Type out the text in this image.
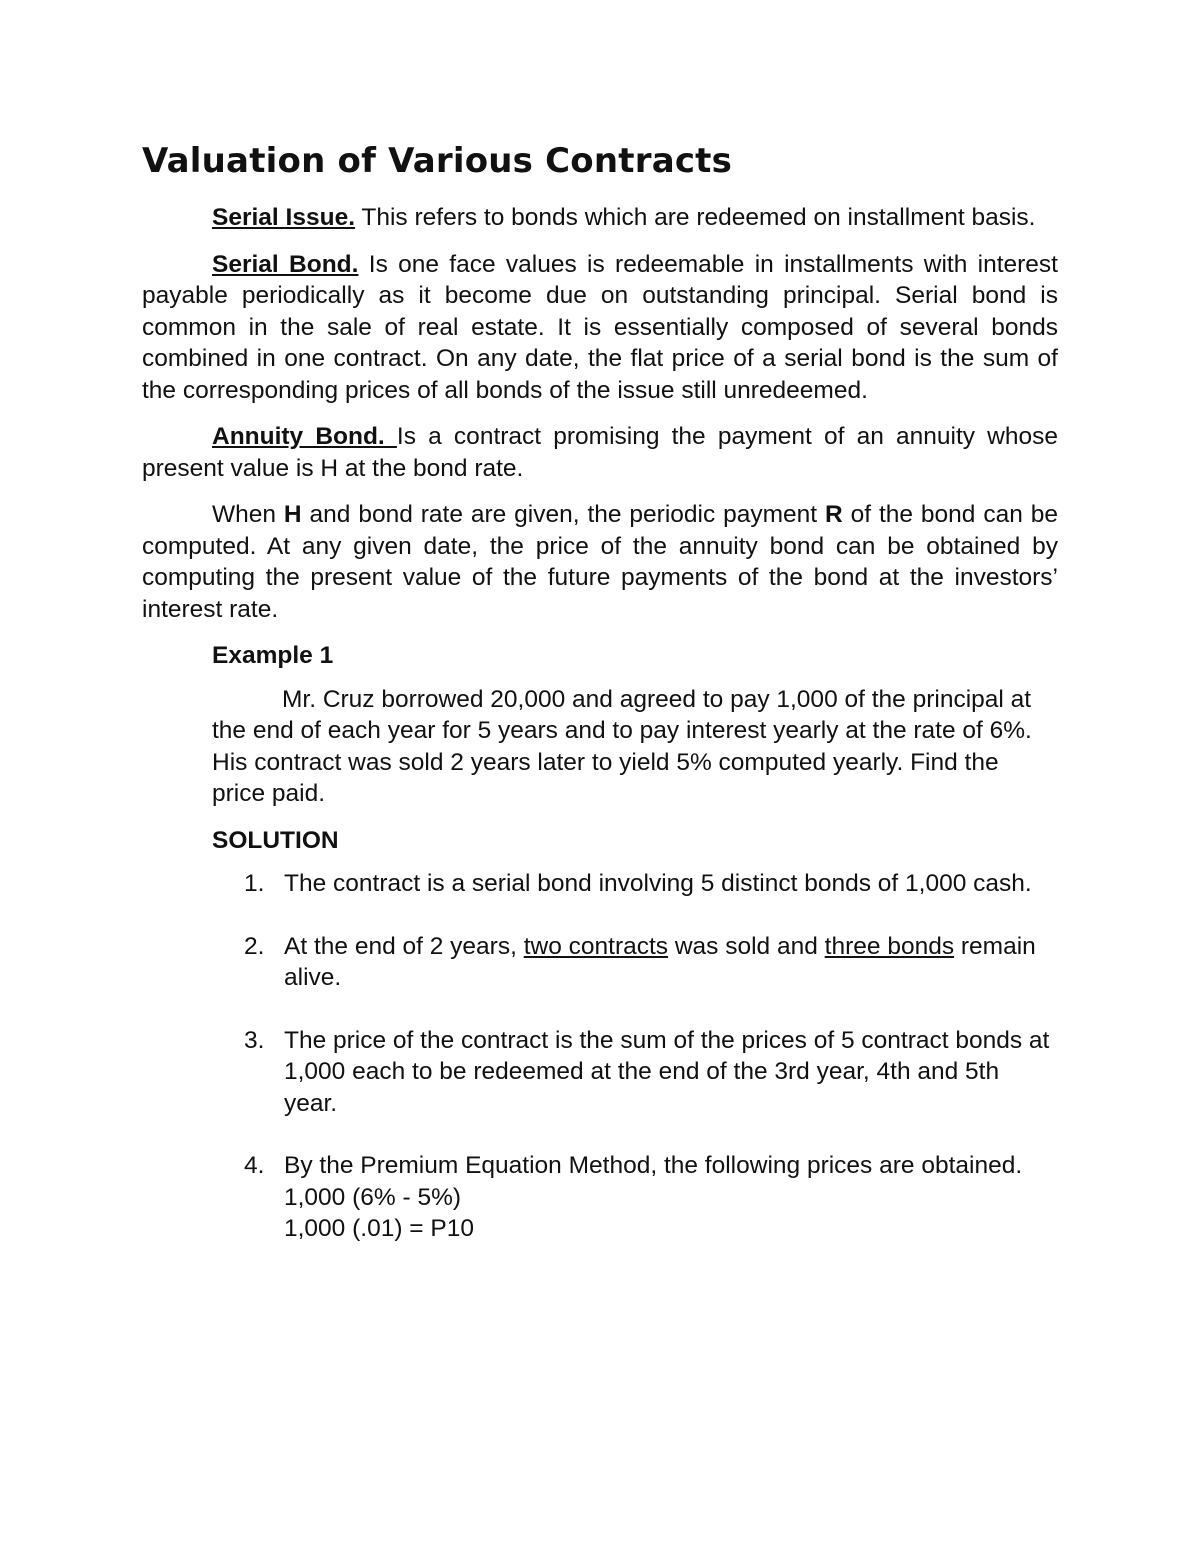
Valuation of Various Contracts

Serial Issue. This refers to bonds which are redeemed on installment basis.

Serial Bond. Is one face values is redeemable in installments with interest payable periodically as it become due on outstanding principal. Serial bond is common in the sale of real estate. It is essentially composed of several bonds combined in one contract. On any date, the flat price of a serial bond is the sum of the corresponding prices of all bonds of the issue still unredeemed.

Annuity Bond. Is a contract promising the payment of an annuity whose present value is H at the bond rate.

When H and bond rate are given, the periodic payment R of the bond can be computed. At any given date, the price of the annuity bond can be obtained by computing the present value of the future payments of the bond at the investors’ interest rate.

Example 1

Mr. Cruz borrowed 20,000 and agreed to pay 1,000 of the principal at the end of each year for 5 years and to pay interest yearly at the rate of 6%. His contract was sold 2 years later to yield 5% computed yearly. Find the price paid.

SOLUTION
1. The contract is a serial bond involving 5 distinct bonds of 1,000 cash.
2. At the end of 2 years, two contracts was sold and three bonds remain alive.
3. The price of the contract is the sum of the prices of 5 contract bonds at 1,000 each to be redeemed at the end of the 3rd year, 4th and 5th year.
4. By the Premium Equation Method, the following prices are obtained.
1,000 (6% - 5%)
1,000 (.01) = P10
